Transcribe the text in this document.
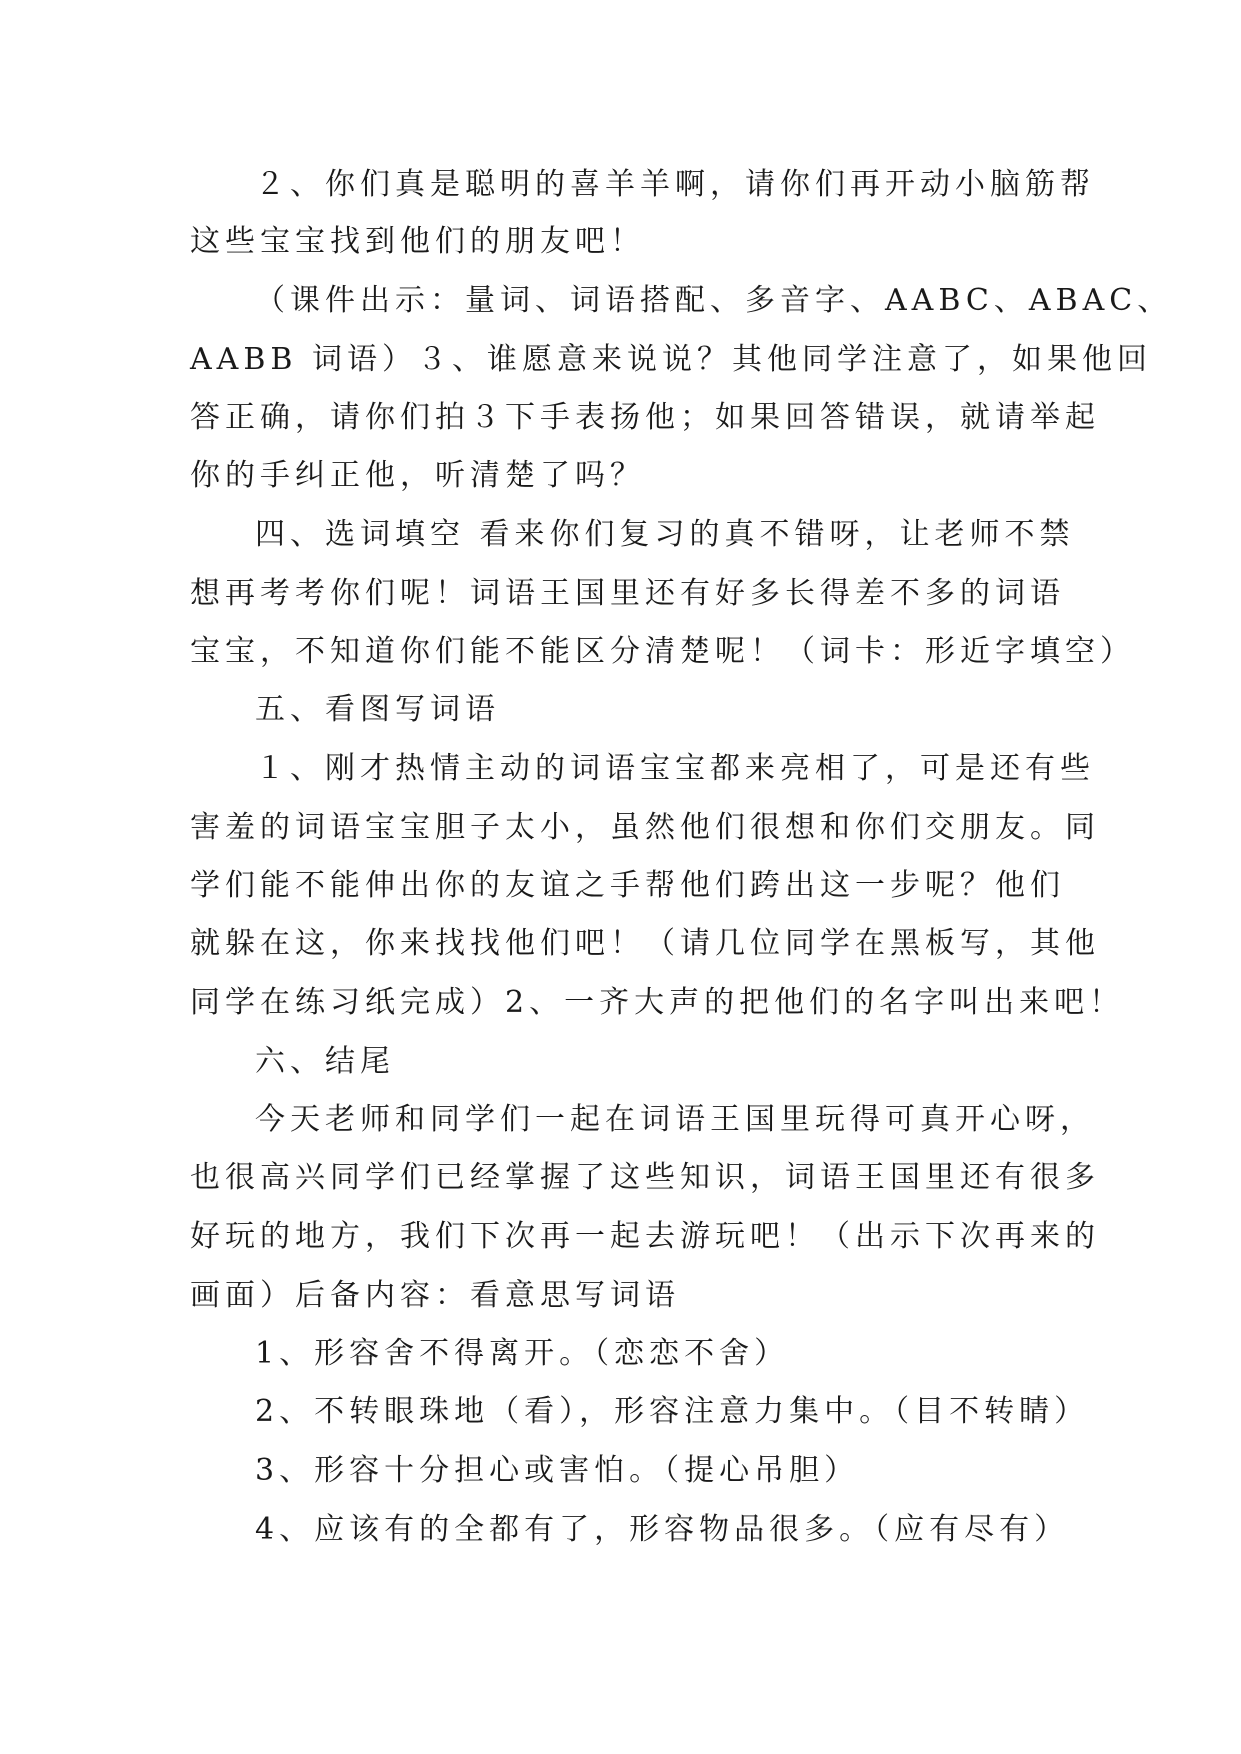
２、你们真是聪明的喜羊羊啊，请你们再开动小脑筋帮
这些宝宝找到他们的朋友吧！
（课件出示：量词、词语搭配、多音字、AABC、ABAC、
AABB 词语）３、谁愿意来说说？其他同学注意了，如果他回
答正确，请你们拍３下手表扬他；如果回答错误，就请举起
你的手纠正他，听清楚了吗？
四、选词填空 看来你们复习的真不错呀，让老师不禁
想再考考你们呢！词语王国里还有好多长得差不多的词语
宝宝，不知道你们能不能区分清楚呢！（词卡：形近字填空）
五、看图写词语
１、刚才热情主动的词语宝宝都来亮相了，可是还有些
害羞的词语宝宝胆子太小，虽然他们很想和你们交朋友。同
学们能不能伸出你的友谊之手帮他们跨出这一步呢？他们
就躲在这，你来找找他们吧！（请几位同学在黑板写，其他
同学在练习纸完成）2、一齐大声的把他们的名字叫出来吧！
六、结尾
今天老师和同学们一起在词语王国里玩得可真开心呀，
也很高兴同学们已经掌握了这些知识，词语王国里还有很多
好玩的地方，我们下次再一起去游玩吧！（出示下次再来的
画面）后备内容：看意思写词语
1、形容舍不得离开。（恋恋不舍）
2、不转眼珠地（看），形容注意力集中。（目不转睛）
3、形容十分担心或害怕。（提心吊胆）
4、应该有的全都有了，形容物品很多。（应有尽有）
